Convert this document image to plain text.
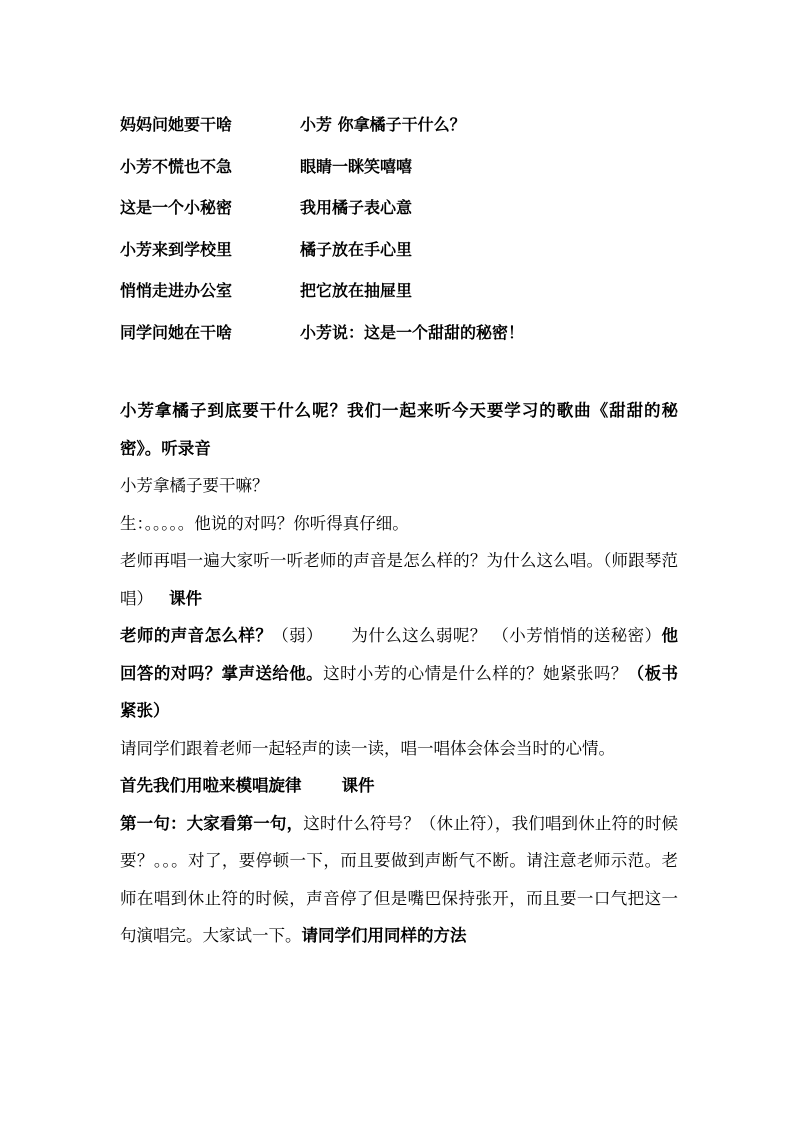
妈妈问她要干啥	小芳 你拿橘子干什么？
小芳不慌也不急	眼睛一眯笑嘻嘻
这是一个小秘密	我用橘子表心意
小芳来到学校里	橘子放在手心里
悄悄走进办公室	把它放在抽屉里
同学问她在干啥	小芳说：这是一个甜甜的秘密！

小芳拿橘子到底要干什么呢？我们一起来听今天要学习的歌曲《甜甜的秘密》。听录音

小芳拿橘子要干嘛？

生：。。。。。他说的对吗？你听得真仔细。

老师再唱一遍大家听一听老师的声音是怎么样的？为什么这么唱。（师跟琴范唱） 课件

老师的声音怎么样？（弱） 为什么这么弱呢？ （小芳悄悄的送秘密）他回答的对吗？掌声送给他。这时小芳的心情是什么样的？她紧张吗？（板书 紧张）

请同学们跟着老师一起轻声的读一读，唱一唱体会体会当时的心情。

首先我们用啦来模唱旋律 课件

第一句：大家看第一句，这时什么符号？（休止符），我们唱到休止符的时候要？。。。对了，要停顿一下，而且要做到声断气不断。请注意老师示范。老师在唱到休止符的时候，声音停了但是嘴巴保持张开，而且要一口气把这一句演唱完。大家试一下。请同学们用同样的方法
